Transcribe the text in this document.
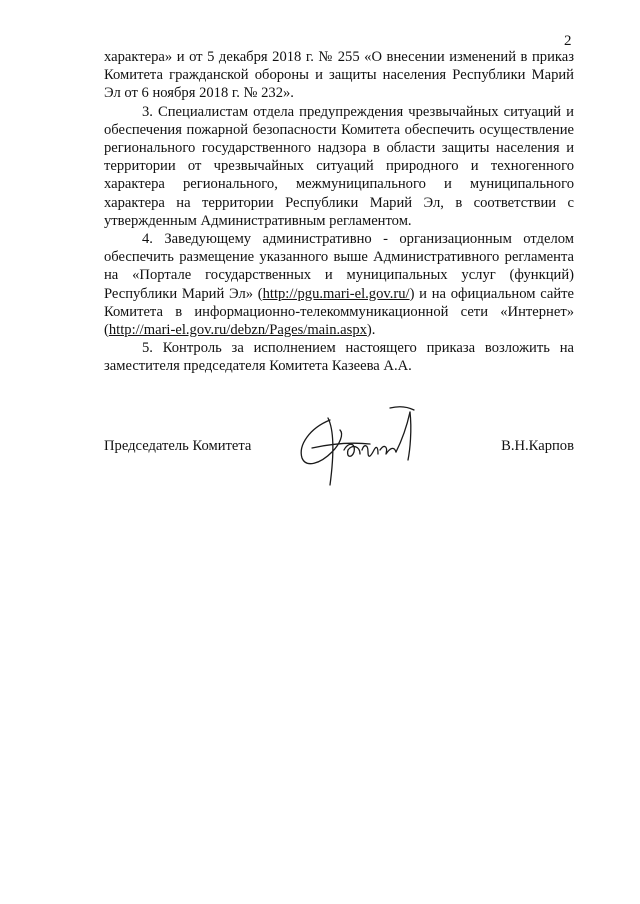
2

характера» и от 5 декабря 2018 г. № 255 «О внесении изменений в приказ Комитета гражданской обороны и защиты населения Республики Марий Эл от 6 ноября 2018 г. № 232».

3. Специалистам отдела предупреждения чрезвычайных ситуаций и обеспечения пожарной безопасности Комитета обеспечить осуществление регионального государственного надзора в области защиты населения и территории от чрезвычайных ситуаций природного и техногенного характера регионального, межмуниципального и муниципального характера на территории Республики Марий Эл, в соответствии с утвержденным Административным регламентом.

4. Заведующему административно - организационным отделом обеспечить размещение указанного выше Административного регламента на «Портале государственных и муниципальных услуг (функций) Республики Марий Эл» (http://pgu.mari-el.gov.ru/) и на официальном сайте Комитета в информационно-телекоммуникационной сети «Интернет» (http://mari-el.gov.ru/debzn/Pages/main.aspx).

5. Контроль за исполнением настоящего приказа возложить на заместителя председателя Комитета Казеева А.А.

Председатель Комитета	В.Н.Карпов
